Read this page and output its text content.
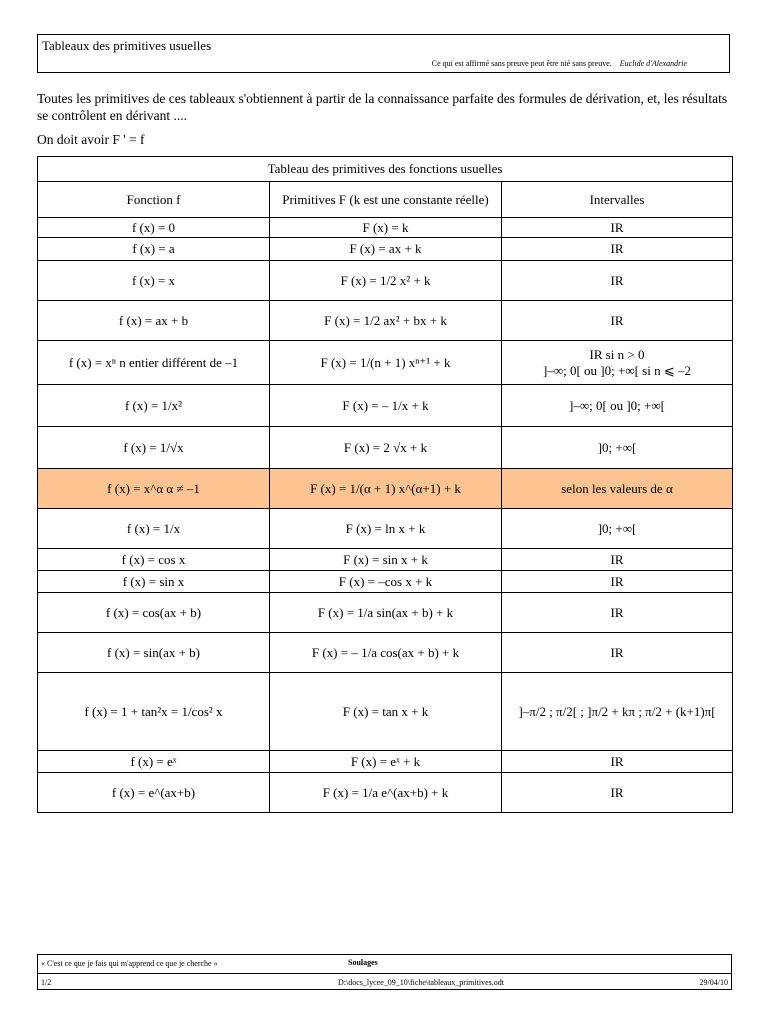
Tableaux des primitives usuelles
Ce qui est affirmé sans preuve peut être nié sans preuve. Euclide d'Alexandrie
Toutes les primitives de ces tableaux s'obtiennent à partir de la connaissance parfaite des formules de dérivation, et, les résultats se contrôlent en dérivant ....
On doit avoir F ' = f
Tableau des primitives des fonctions usuelles		
Fonction f	Primitives F (k est une constante réelle)	Intervalles
f (x) = 0	F (x) = k	IR
f (x) = a	F (x) = ax + k	IR
f (x) = x	F (x) = 1/2 x² + k	IR
f (x) = ax + b	F (x) = 1/2 ax² + bx + k	IR
f (x) = xⁿ n entier différent de –1	F (x) = 1/(n + 1) xⁿ⁺¹ + k	IR si n > 0
]–∞; 0[ ou ]0; +∞[ si n ⩽ –2

f (x) = 1/x²	F (x) = – 1/x + k	]–∞; 0[ ou ]0; +∞[
f (x) = 1/√x	F (x) = 2 √x + k	]0; +∞[
f (x) = x^α α ≠ –1	F (x) = 1/(α + 1) x^(α+1) + k	selon les valeurs de α
f (x) = 1/x	F (x) = ln x + k	]0; +∞[
f (x) = cos x	F (x) = sin x + k	IR
f (x) = sin x	F (x) = –cos x + k	IR
f (x) = cos(ax + b)	F (x) = 1/a sin(ax + b) + k	IR
f (x) = sin(ax + b)	F (x) = – 1/a cos(ax + b) + k	IR
f (x) = 1 + tan²x = 1/cos² x	F (x) = tan x + k	]–π/2 ; π/2[ ; ]π/2 + kπ ; π/2 + (k+1)π[
f (x) = eˣ	F (x) = eˣ + k	IR
f (x) = e^(ax+b)	F (x) = 1/a e^(ax+b) + k	IR
« C'est ce que je fais qui m'apprend ce que je cherche »	Soulages
1/2	D:\docs_lycee_09_10\fiche\tableaux_primitives.odt	29/04/10
